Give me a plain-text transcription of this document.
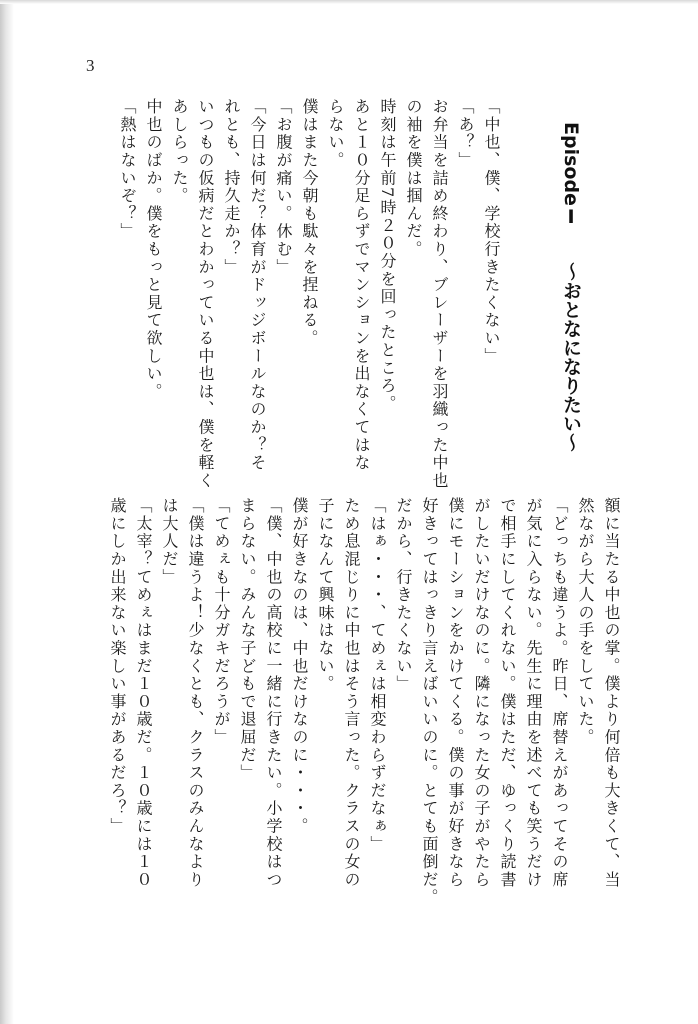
3
EpisodeⅠ～おとなになりたい～
「中也、僕、学校行きたくない」
「あ？」
お弁当を詰め終わり、ブレーザーを羽織った中也
の袖を僕は掴んだ。
時刻は午前7時２０分を回ったところ。
あと１０分足らずでマンションを出なくてはな
らない。
僕はまた今朝も駄々を捏ねる。
「お腹が痛い。休む」
「今日は何だ？体育がドッジボールなのか？そ
れとも、持久走か？」
いつもの仮病だとわかっている中也は、僕を軽く
あしらった。
中也のばか。僕をもっと見て欲しい。
「熱はないぞ？」
額に当たる中也の掌。僕より何倍も大きくて、当
然ながら大人の手をしていた。
「どっちも違うよ。昨日、席替えがあってその席
が気に入らない。先生に理由を述べても笑うだけ
で相手にしてくれない。僕はただ、ゆっくり読書
がしたいだけなのに。隣になった女の子がやたら
僕にモーションをかけてくる。僕の事が好きなら
好きってはっきり言えばいいのに。とても面倒だ。
だから、行きたくない」
「はぁ・・・、てめぇは相変わらずだなぁ」
ため息混じりに中也はそう言った。クラスの女の
子になんて興味はない。
僕が好きなのは、中也だけなのに・・・。
「僕、中也の高校に一緒に行きたい。小学校はつ
まらない。みんな子どもで退屈だ」
「てめぇも十分ガキだろうが」
「僕は違うよ！少なくとも、クラスのみんなより
は大人だ」
「太宰？てめぇはまだ１０歳だ。１０歳には１０
歳にしか出来ない楽しい事があるだろ？」
